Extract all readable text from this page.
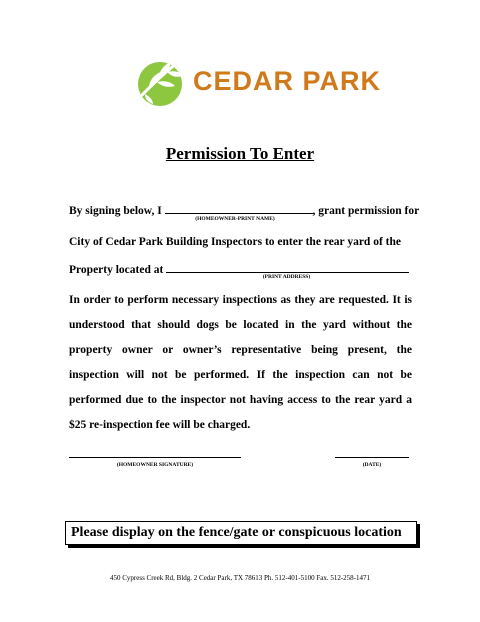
CEDAR PARK
Permission To Enter
By signing below, I	, grant permission for
(HOMEOWNER-PRINT NAME)
City of Cedar Park Building Inspectors to enter the rear yard of the
Property located at
(PRINT ADDRESS)
In order to perform necessary inspections as they are requested. It is understood that should dogs be located in the yard without the property owner or owner’s representative being present, the inspection will not be performed. If the inspection can not be performed due to the inspector not having access to the rear yard a $25 re-inspection fee will be charged.
(HOMEOWNER SIGNATURE)	(DATE)
Please display on the fence/gate or conspicuous location
450 Cypress Creek Rd, Bldg. 2 Cedar Park, TX 78613 Ph. 512-401-5100 Fax. 512-258-1471
